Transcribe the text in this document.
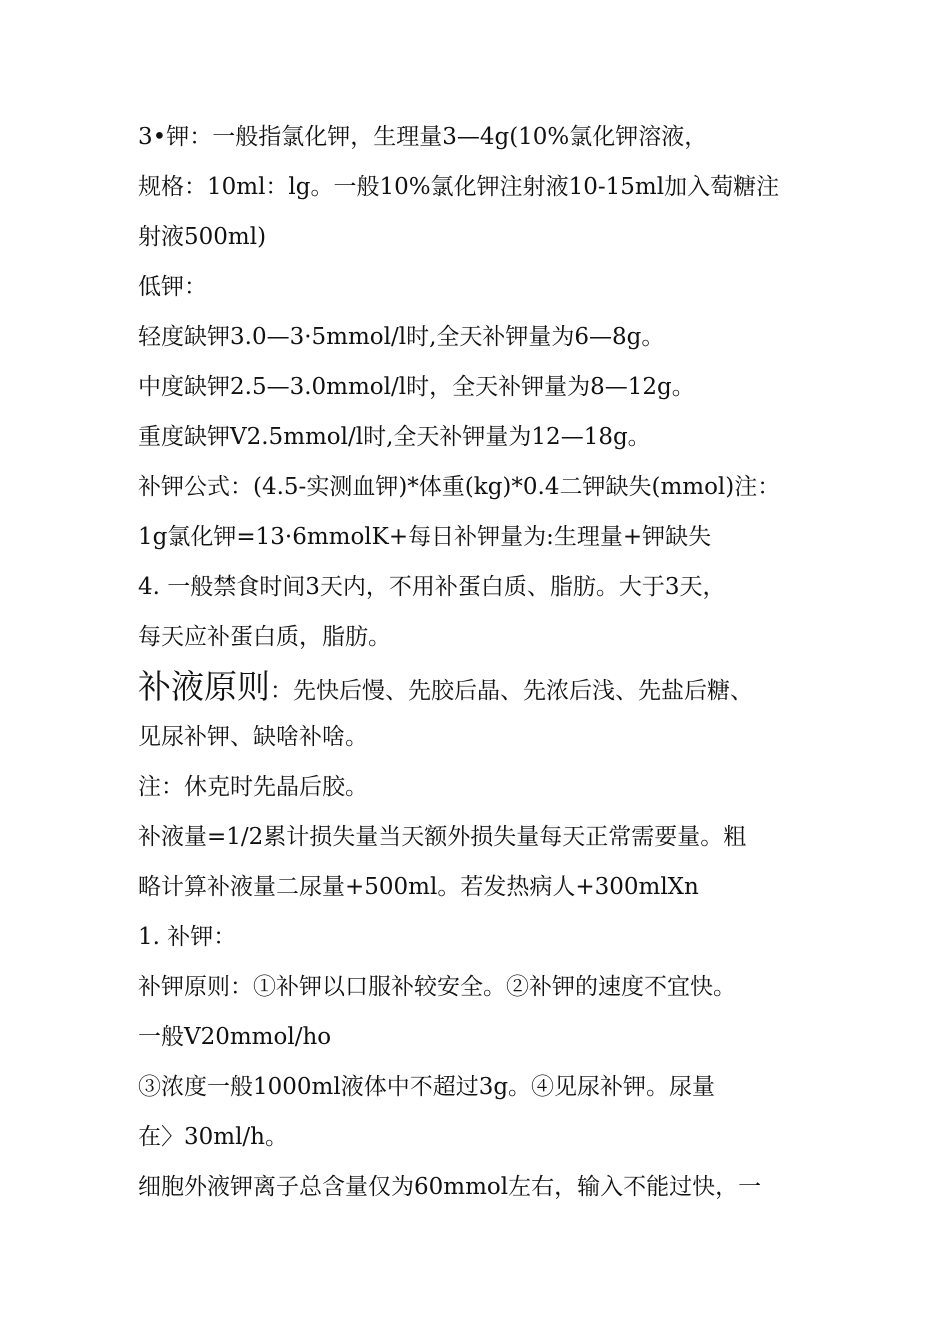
3•钾：一般指氯化钾，生理量3—4g(10%氯化钾溶液，
规格：10ml：lg。一般10%氯化钾注射液10-15ml加入萄糖注
射液500ml)
低钾：
轻度缺钾3.0—3·5mmol/l时,全天补钾量为6—8g。
中度缺钾2.5—3.0mmol/l时，全天补钾量为8—12g。
重度缺钾V2.5mmol/l时,全天补钾量为12—18g。
补钾公式：(4.5-实测血钾)*体重(kg)*0.4二钾缺失(mmol)注：
1g氯化钾=13·6mmolK+每日补钾量为:生理量+钾缺失
4. 一般禁食时间3天内，不用补蛋白质、脂肪。大于3天，
每天应补蛋白质，脂肪。
补液原则：先快后慢、先胶后晶、先浓后浅、先盐后糖、
见尿补钾、缺啥补啥。
注：休克时先晶后胶。
补液量=1/2累计损失量当天额外损失量每天正常需要量。粗
略计算补液量二尿量+500ml。若发热病人+300mlXn
1. 补钾：
补钾原则：①补钾以口服补较安全。②补钾的速度不宜快。
一般V20mmol/ho
③浓度一般1000ml液体中不超过3g。④见尿补钾。尿量
在〉30ml/h。
细胞外液钾离子总含量仅为60mmol左右，输入不能过快，一
